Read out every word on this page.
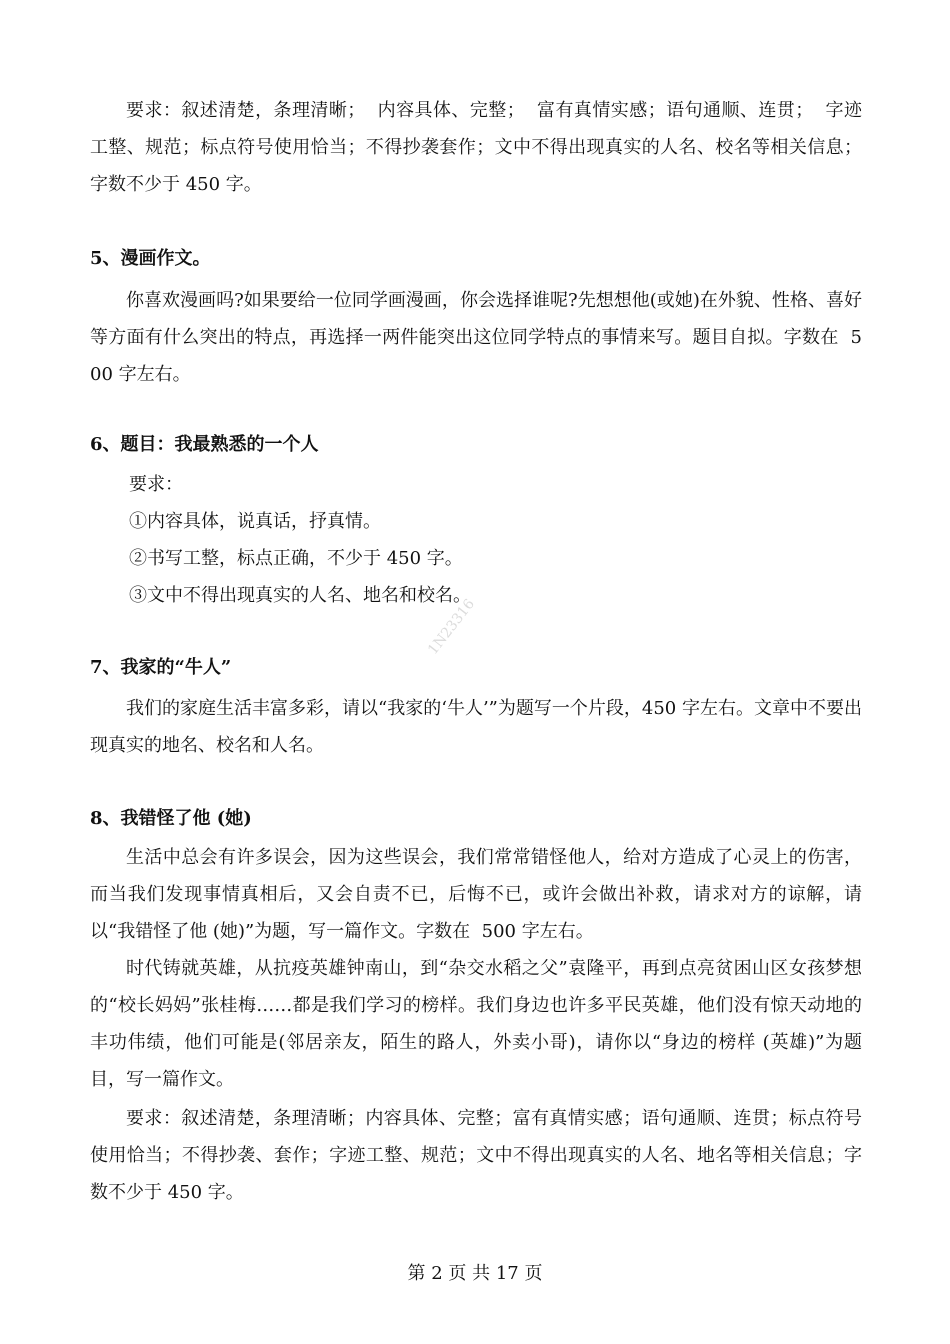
要求：叙述清楚，条理清晰；  内容具体、完整；  富有真情实感；语句通顺、连贯；  字迹工整、规范；标点符号使用恰当；不得抄袭套作；文中不得出现真实的人名、校名等相关信息；字数不少于 450 字。

5、漫画作文。

你喜欢漫画吗?如果要给一位同学画漫画，你会选择谁呢?先想想他(或她)在外貌、性格、喜好等方面有什么突出的特点，再选择一两件能突出这位同学特点的事情来写。题目自拟。字数在  500 字左右。

6、题目：我最熟悉的一个人

要求：

①内容具体，说真话，抒真情。

②书写工整，标点正确，不少于 450 字。

③文中不得出现真实的人名、地名和校名。

7、我家的“牛人”

我们的家庭生活丰富多彩，请以“我家的‘牛人’”为题写一个片段，450 字左右。文章中不要出现真实的地名、校名和人名。

8、我错怪了他 (她)

生活中总会有许多误会，因为这些误会，我们常常错怪他人，给对方造成了心灵上的伤害，而当我们发现事情真相后，又会自责不已，后悔不已，或许会做出补救，请求对方的谅解，请以“我错怪了他 (她)”为题，写一篇作文。字数在  500 字左右。

时代铸就英雄，从抗疫英雄钟南山，到“杂交水稻之父”袁隆平，再到点亮贫困山区女孩梦想的“校长妈妈”张桂梅……都是我们学习的榜样。我们身边也许多平民英雄，他们没有惊天动地的丰功伟绩，他们可能是(邻居亲友，陌生的路人，外卖小哥)，请你以“身边的榜样 (英雄)”为题目，写一篇作文。

要求：叙述清楚，条理清晰；内容具体、完整；富有真情实感；语句通顺、连贯；标点符号使用恰当；不得抄袭、套作；字迹工整、规范；文中不得出现真实的人名、地名等相关信息；字数不少于 450 字。

1N23316
第 2 页 共 17 页
